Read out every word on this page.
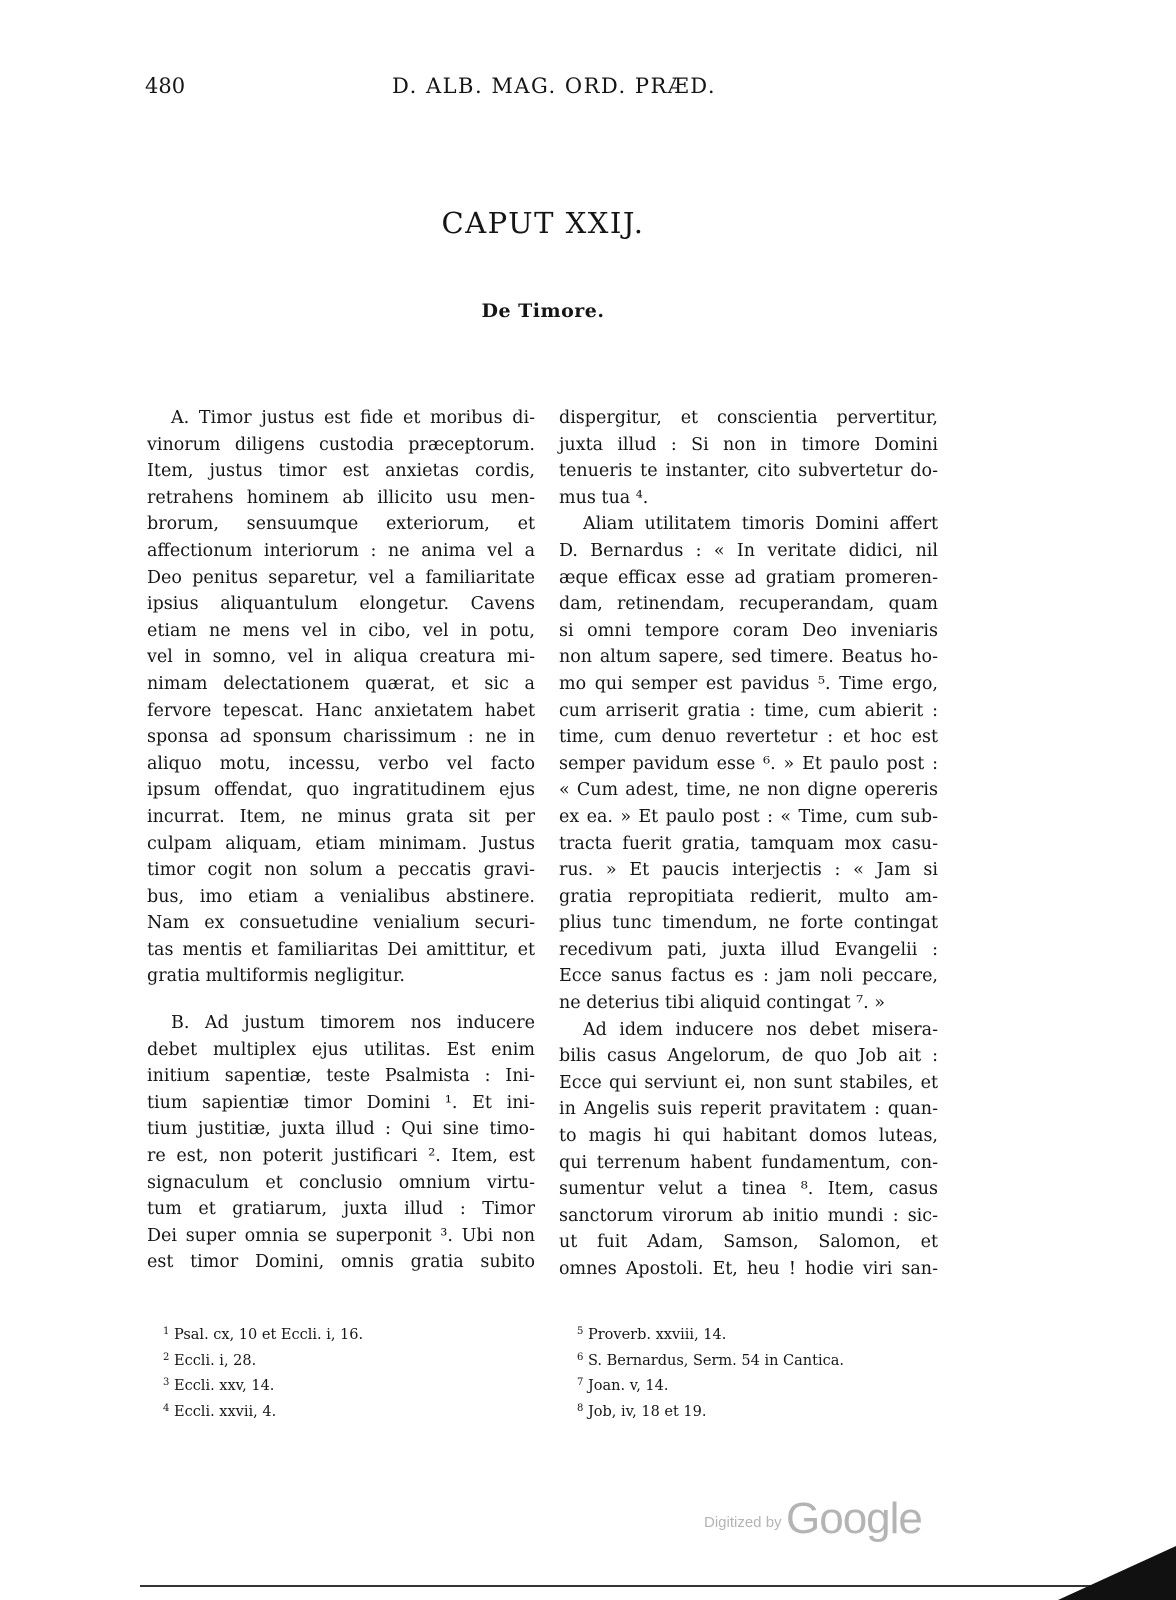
480	D. ALB. MAG. ORD. PRÆD.
CAPUT XXIJ.
De Timore.
A. Timor justus est fide et moribus di-
vinorum diligens custodia præceptorum.
Item, justus timor est anxietas cordis,
retrahens hominem ab illicito usu men-
brorum, sensuumque exteriorum, et
affectionum interiorum : ne anima vel a
Deo penitus separetur, vel a familiaritate
ipsius aliquantulum elongetur. Cavens
etiam ne mens vel in cibo, vel in potu,
vel in somno, vel in aliqua creatura mi-
nimam delectationem quærat, et sic a
fervore tepescat. Hanc anxietatem habet
sponsa ad sponsum charissimum : ne in
aliquo motu, incessu, verbo vel facto
ipsum offendat, quo ingratitudinem ejus
incurrat. Item, ne minus grata sit per
culpam aliquam, etiam minimam. Justus
timor cogit non solum a peccatis gravi-
bus, imo etiam a venialibus abstinere.
Nam ex consuetudine venialium securi-
tas mentis et familiaritas Dei amittitur, et
gratia multiformis negligitur.
B. Ad justum timorem nos inducere
debet multiplex ejus utilitas. Est enim
initium sapentiæ, teste Psalmista : Ini-
tium sapientiæ timor Domini ¹. Et ini-
tium justitiæ, juxta illud : Qui sine timo-
re est, non poterit justificari ². Item, est
signaculum et conclusio omnium virtu-
tum et gratiarum, juxta illud : Timor
Dei super omnia se superponit ³. Ubi non
est timor Domini, omnis gratia subito
dispergitur, et conscientia pervertitur,
juxta illud : Si non in timore Domini
tenueris te instanter, cito subvertetur do-
mus tua ⁴.
Aliam utilitatem timoris Domini affert
D. Bernardus : « In veritate didici, nil
æque efficax esse ad gratiam promeren-
dam, retinendam, recuperandam, quam
si omni tempore coram Deo inveniaris
non altum sapere, sed timere. Beatus ho-
mo qui semper est pavidus ⁵. Time ergo,
cum arriserit gratia : time, cum abierit :
time, cum denuo revertetur : et hoc est
semper pavidum esse ⁶. » Et paulo post :
« Cum adest, time, ne non digne opereris
ex ea. » Et paulo post : « Time, cum sub-
tracta fuerit gratia, tamquam mox casu-
rus. » Et paucis interjectis : « Jam si
gratia repropitiata redierit, multo am-
plius tunc timendum, ne forte contingat
recedivum pati, juxta illud Evangelii :
Ecce sanus factus es : jam noli peccare,
ne deterius tibi aliquid contingat ⁷. »
Ad idem inducere nos debet misera-
bilis casus Angelorum, de quo Job ait :
Ecce qui serviunt ei, non sunt stabiles, et
in Angelis suis reperit pravitatem : quan-
to magis hi qui habitant domos luteas,
qui terrenum habent fundamentum, con-
sumentur velut a tinea ⁸. Item, casus
sanctorum virorum ab initio mundi : sic-
ut fuit Adam, Samson, Salomon, et
omnes Apostoli. Et, heu ! hodie viri san-
$^1$ Psal. cx, 10 et Eccli. i, 16.
$^2$ Eccli. i, 28.
$^3$ Eccli. xxv, 14.
$^4$ Eccli. xxvii, 4.
$^5$ Proverb. xxviii, 14.
$^6$ S. Bernardus, Serm. 54 in Cantica.
$^7$ Joan. v, 14.
$^8$ Job, iv, 18 et 19.
Digitized by Google
